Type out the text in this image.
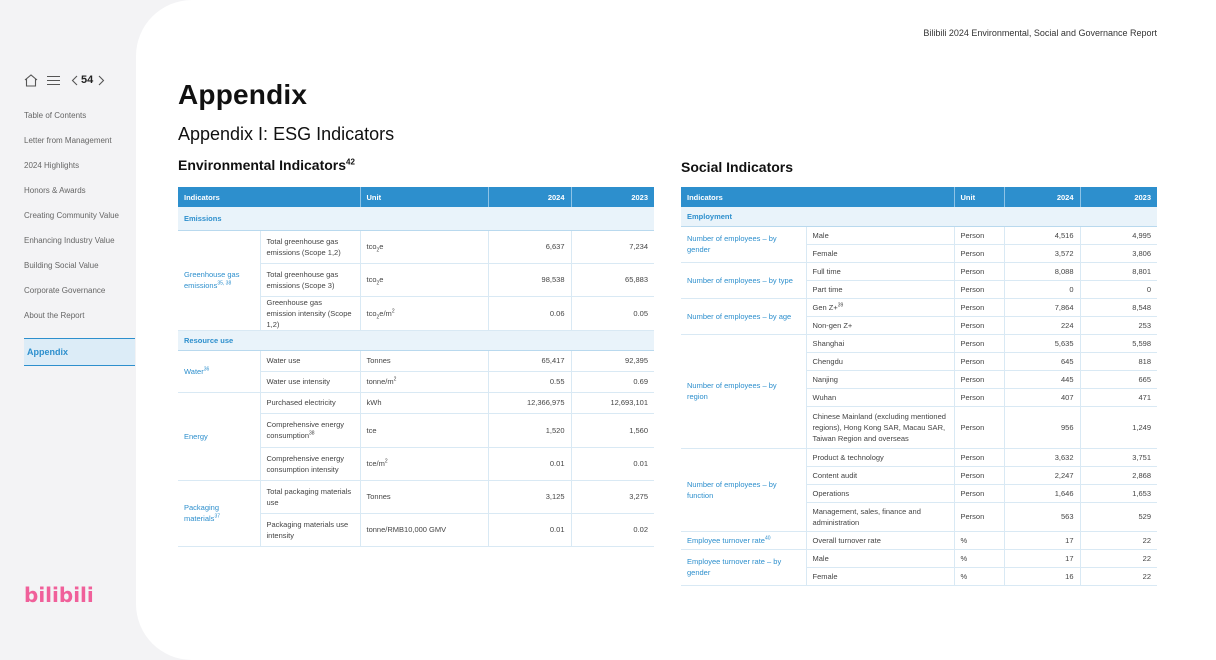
54
Table of Contents
Letter from Management
2024 Highlights
Honors & Awards
Creating Community Value
Enhancing Industry Value
Building Social Value
Corporate Governance
About the Report
Appendix
bilibili
Bilibili 2024 Environmental, Social and Governance Report
Appendix
Appendix I: ESG Indicators
Environmental Indicators$^{42}$	Social Indicators
Indicators		Unit	2024	2023
Emissions				
Greenhouse gas emissions$^{35, 38}$	Total greenhouse gas emissions (Scope 1,2)	tco$_2$e	6,637	7,234
	Total greenhouse gas emissions (Scope 3)	tco$_2$e	98,538	65,883
	Greenhouse gas emission intensity (Scope 1,2)	$tco_2e/m^2$	0.06	0.05
Resource use				
Water$^{36}$	Water use	Tonnes	65,417	92,395
	Water use intensity	tonne/$m^2$	0.55	0.69
Energy	Purchased electricity	kWh	12,366,975	12,693,101
	Comprehensive energy consumption$^{38}$	tce	1,520	1,560
	Comprehensive energy consumption intensity	tce/$m^2$	0.01	0.01
Packaging materials$^{37}$	Total packaging materials use	Tonnes	3,125	3,275
	Packaging materials use intensity	tonne/RMB10,000 GMV	0.01	0.02
Indicators		Unit	2024	2023
Employment				
Number of employees – by gender	Male	Person	4,516	4,995
	Female	Person	3,572	3,806
Number of employees – by type	Full time	Person	8,088	8,801
	Part time	Person	0	0
Number of employees – by age	Gen Z+$^{39}$	Person	7,864	8,548
	Non-gen Z+	Person	224	253
Number of employees – by region	Shanghai	Person	5,635	5,598
	Chengdu	Person	645	818
	Nanjing	Person	445	665
	Wuhan	Person	407	471
	Chinese Mainland (excluding mentioned regions), Hong Kong SAR, Macau SAR, Taiwan Region and overseas	Person	956	1,249
Number of employees – by function	Product & technology	Person	3,632	3,751
	Content audit	Person	2,247	2,868
	Operations	Person	1,646	1,653
	Management, sales, finance and administration	Person	563	529
Employee turnover rate$^{40}$	Overall turnover rate	%	17	22
Employee turnover rate – by gender	Male	%	17	22
	Female	%	16	22
